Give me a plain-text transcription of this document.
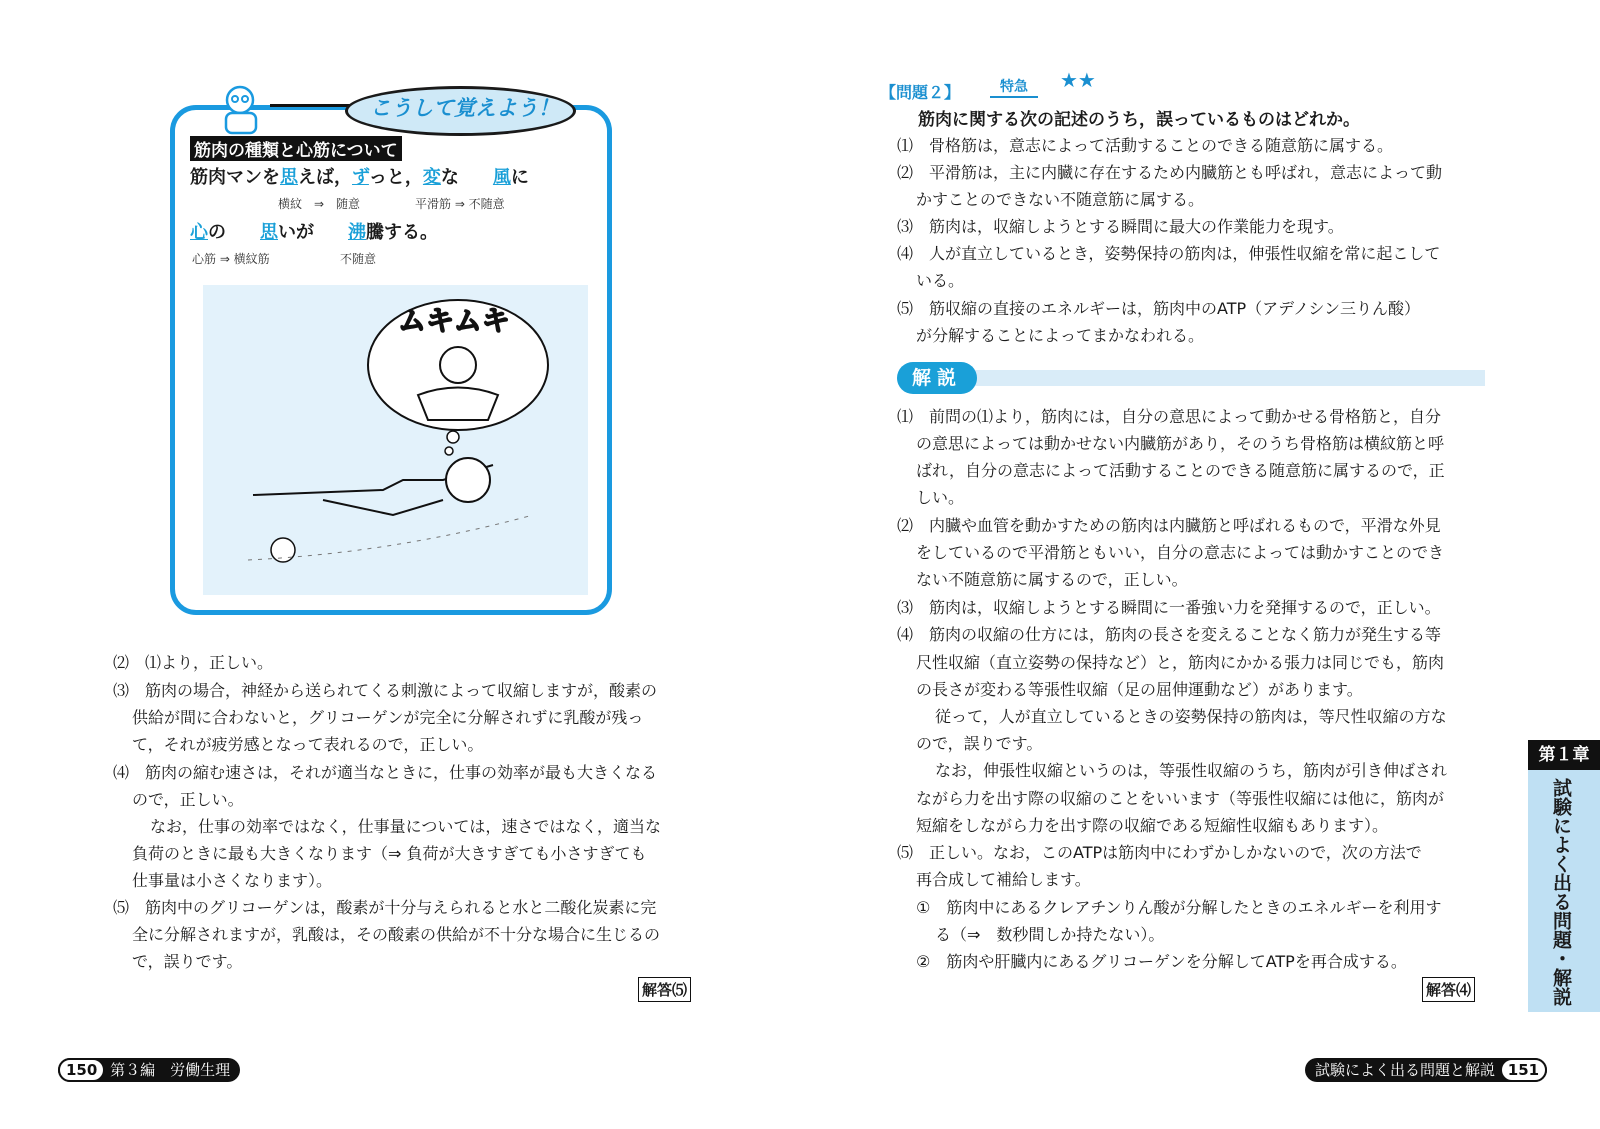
こうして覚えよう！
筋肉の種類と心筋について
筋肉マンを思えば，ずっと，変な 風に
横紋　⇒　随意	平滑筋 ⇒ 不随意
心の 思いが 沸騰する。
心筋 ⇒ 横紋筋	不随意
ムキムキ
⑵　⑴より，正しい。
⑶　筋肉の場合，神経から送られてくる刺激によって収縮しますが，酸素の
供給が間に合わないと，グリコーゲンが完全に分解されずに乳酸が残っ
て，それが疲労感となって表れるので，正しい。
⑷　筋肉の縮む速さは，それが適当なときに，仕事の効率が最も大きくなる
ので，正しい。
なお，仕事の効率ではなく，仕事量については，速さではなく，適当な
負荷のときに最も大きくなります（⇒ 負荷が大きすぎても小さすぎても
仕事量は小さくなります）。
⑸　筋肉中のグリコーゲンは，酸素が十分与えられると水と二酸化炭素に完
全に分解されますが，乳酸は，その酸素の供給が不十分な場合に生じるの
で，誤りです。
解答⑸
150 第３編　労働生理
【問題２】	特急	★★
筋肉に関する次の記述のうち，誤っているものはどれか。
⑴　骨格筋は，意志によって活動することのできる随意筋に属する。
⑵　平滑筋は，主に内臓に存在するため内臓筋とも呼ばれ，意志によって動
かすことのできない不随意筋に属する。
⑶　筋肉は，収縮しようとする瞬間に最大の作業能力を現す。
⑷　人が直立しているとき，姿勢保持の筋肉は，伸張性収縮を常に起こして
いる。
⑸　筋収縮の直接のエネルギーは，筋肉中のATP（アデノシン三りん酸）
が分解することによってまかなわれる。
解説
⑴　前問の⑴より，筋肉には，自分の意思によって動かせる骨格筋と，自分
の意思によっては動かせない内臓筋があり，そのうち骨格筋は横紋筋と呼
ばれ，自分の意志によって活動することのできる随意筋に属するので，正
しい。
⑵　内臓や血管を動かすための筋肉は内臓筋と呼ばれるもので，平滑な外見
をしているので平滑筋ともいい，自分の意志によっては動かすことのでき
ない不随意筋に属するので，正しい。
⑶　筋肉は，収縮しようとする瞬間に一番強い力を発揮するので，正しい。
⑷　筋肉の収縮の仕方には，筋肉の長さを変えることなく筋力が発生する等
尺性収縮（直立姿勢の保持など）と，筋肉にかかる張力は同じでも，筋肉
の長さが変わる等張性収縮（足の屈伸運動など）があります。
従って，人が直立しているときの姿勢保持の筋肉は，等尺性収縮の方な
ので，誤りです。
なお，伸張性収縮というのは，等張性収縮のうち，筋肉が引き伸ばされ
ながら力を出す際の収縮のことをいいます（等張性収縮には他に，筋肉が
短縮をしながら力を出す際の収縮である短縮性収縮もあります）。
⑸　正しい。なお，このATPは筋肉中にわずかしかないので，次の方法で
再合成して補給します。
①　筋肉中にあるクレアチンりん酸が分解したときのエネルギーを利用す
る（⇒　数秒間しか持たない）。
②　筋肉や肝臓内にあるグリコーゲンを分解してATPを再合成する。
解答⑷
第１章
試験によく出る問題・解説
試験によく出る問題と解説 151
